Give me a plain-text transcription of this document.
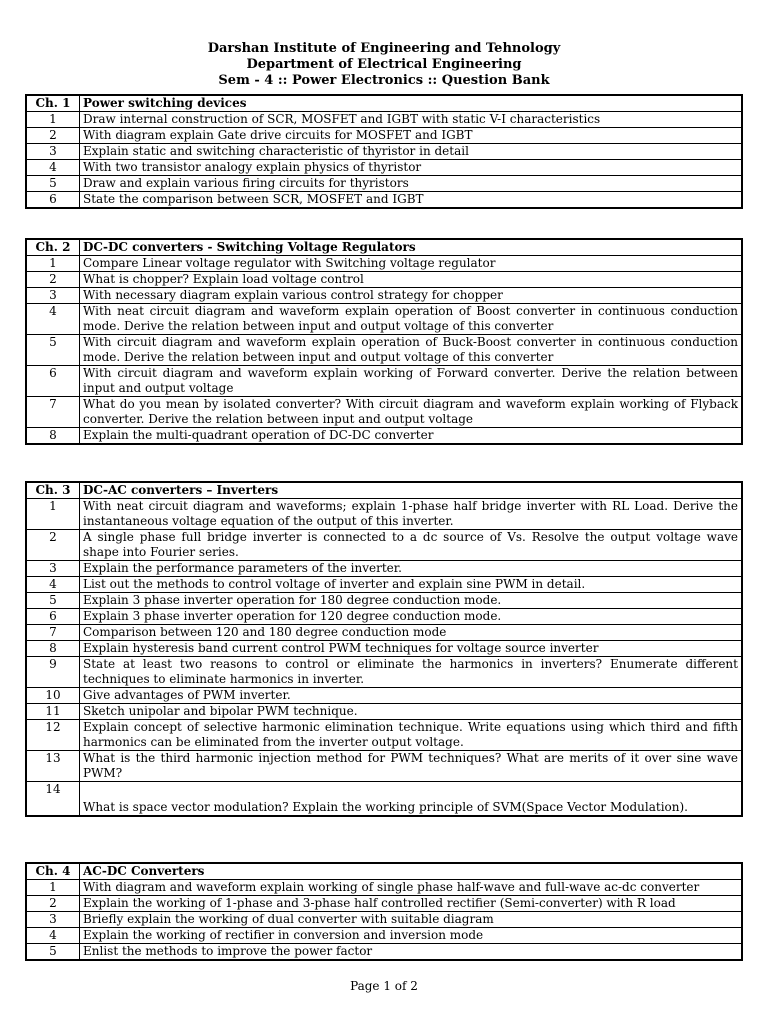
Darshan Institute of Engineering and Tehnology
Department of Electrical Engineering
Sem - 4 :: Power Electronics :: Question Bank
Ch. 1	Power switching devices
1	Draw internal construction of SCR, MOSFET and IGBT with static V-I characteristics
2	With diagram explain Gate drive circuits for MOSFET and IGBT
3	Explain static and switching characteristic of thyristor in detail
4	With two transistor analogy explain physics of thyristor
5	Draw and explain various firing circuits for thyristors
6	State the comparison between SCR, MOSFET and IGBT
Ch. 2	DC-DC converters - Switching Voltage Regulators
1	Compare Linear voltage regulator with Switching voltage regulator
2	What is chopper? Explain load voltage control
3	With necessary diagram explain various control strategy for chopper
4	With neat circuit diagram and waveform explain operation of Boost converter in continuous conduction mode. Derive the relation between input and output voltage of this converter
5	With circuit diagram and waveform explain operation of Buck-Boost converter in continuous conduction mode. Derive the relation between input and output voltage of this converter
6	With circuit diagram and waveform explain working of Forward converter. Derive the relation between input and output voltage
7	What do you mean by isolated converter? With circuit diagram and waveform explain working of Flyback converter. Derive the relation between input and output voltage
8	Explain the multi-quadrant operation of DC-DC converter
Ch. 3	DC-AC converters – Inverters
1	With neat circuit diagram and waveforms; explain 1-phase half bridge inverter with RL Load. Derive the instantaneous voltage equation of the output of this inverter.
2	A single phase full bridge inverter is connected to a dc source of Vs. Resolve the output voltage wave shape into Fourier series.
3	Explain the performance parameters of the inverter.
4	List out the methods to control voltage of inverter and explain sine PWM in detail.
5	Explain 3 phase inverter operation for 180 degree conduction mode.
6	Explain 3 phase inverter operation for 120 degree conduction mode.
7	Comparison between 120 and 180 degree conduction mode
8	Explain hysteresis band current control PWM techniques for voltage source inverter
9	State at least two reasons to control or eliminate the harmonics in inverters? Enumerate different techniques to eliminate harmonics in inverter.
10	Give advantages of PWM inverter.
11	Sketch unipolar and bipolar PWM technique.
12	Explain concept of selective harmonic elimination technique. Write equations using which third and fifth harmonics can be eliminated from the inverter output voltage.
13	What is the third harmonic injection method for PWM techniques? What are merits of it over sine wave PWM?
14	What is space vector modulation? Explain the working principle of SVM(Space Vector Modulation).
Ch. 4	AC-DC Converters
1	With diagram and waveform explain working of single phase half-wave and full-wave ac-dc converter
2	Explain the working of 1-phase and 3-phase half controlled rectifier (Semi-converter) with R load
3	Briefly explain the working of dual converter with suitable diagram
4	Explain the working of rectifier in conversion and inversion mode
5	Enlist the methods to improve the power factor
Page 1 of 2
